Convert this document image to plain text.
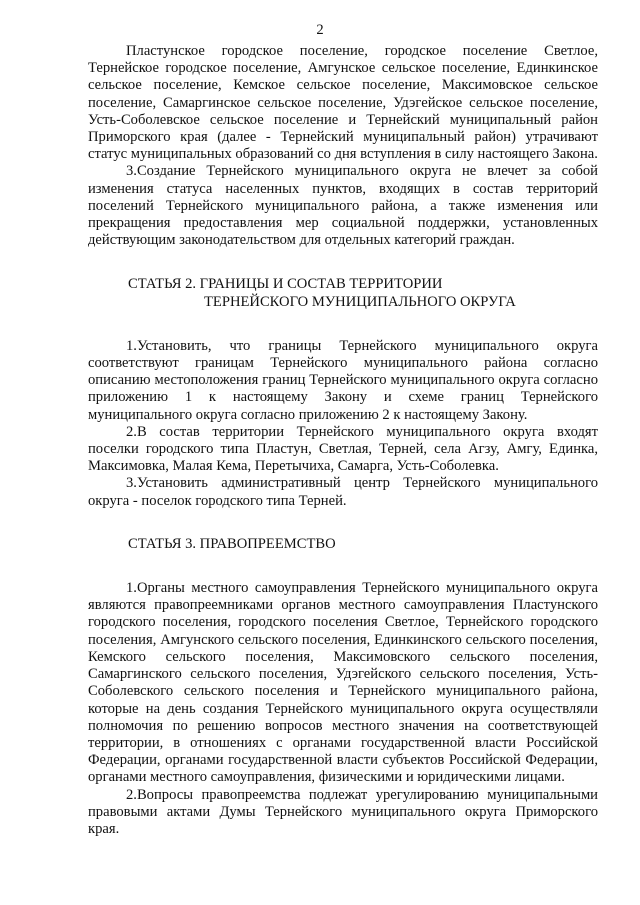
2

Пластунское городское поселение, городское поселение Светлое, Тернейское городское поселение, Амгунское сельское поселение, Единкинское сельское поселение, Кемское сельское поселение, Максимовское сельское поселение, Самаргинское сельское поселение, Удэгейское сельское поселение, Усть-Соболевское сельское поселение и Тернейский муниципальный район Приморского края (далее - Тернейский муниципальный район) утрачивают статус муниципальных образований со дня вступления в силу настоящего Закона.

3.Создание Тернейского муниципального округа не влечет за собой изменения статуса населенных пунктов, входящих в состав территорий поселений Тернейского муниципального района, а также изменения или прекращения предоставления мер социальной поддержки, установленных действующим законодательством для отдельных категорий граждан.

СТАТЬЯ 2. ГРАНИЦЫ И СОСТАВ ТЕРРИТОРИИ
ТЕРНЕЙСКОГО МУНИЦИПАЛЬНОГО ОКРУГА

1.Установить, что границы Тернейского муниципального округа соответствуют границам Тернейского муниципального района согласно описанию местоположения границ Тернейского муниципального округа согласно приложению 1 к настоящему Закону и схеме границ Тернейского муниципального округа согласно приложению 2 к настоящему Закону.

2.В состав территории Тернейского муниципального округа входят поселки городского типа Пластун, Светлая, Терней, села Агзу, Амгу, Единка, Максимовка, Малая Кема, Перетычиха, Самарга, Усть-Соболевка.

3.Установить административный центр Тернейского муниципального округа - поселок городского типа Терней.

СТАТЬЯ 3. ПРАВОПРЕЕМСТВО

1.Органы местного самоуправления Тернейского муниципального округа являются правопреемниками органов местного самоуправления Пластунского городского поселения, городского поселения Светлое, Тернейского городского поселения, Амгунского сельского поселения, Единкинского сельского поселения, Кемского сельского поселения, Максимовского сельского поселения, Самаргинского сельского поселения, Удэгейского сельского поселения, Усть-Соболевского сельского поселения и Тернейского муниципального района, которые на день создания Тернейского муниципального округа осуществляли полномочия по решению вопросов местного значения на соответствующей территории, в отношениях с органами государственной власти Российской Федерации, органами государственной власти субъектов Российской Федерации, органами местного самоуправления, физическими и юридическими лицами.

2.Вопросы правопреемства подлежат урегулированию муниципальными правовыми актами Думы Тернейского муниципального округа Приморского края.
